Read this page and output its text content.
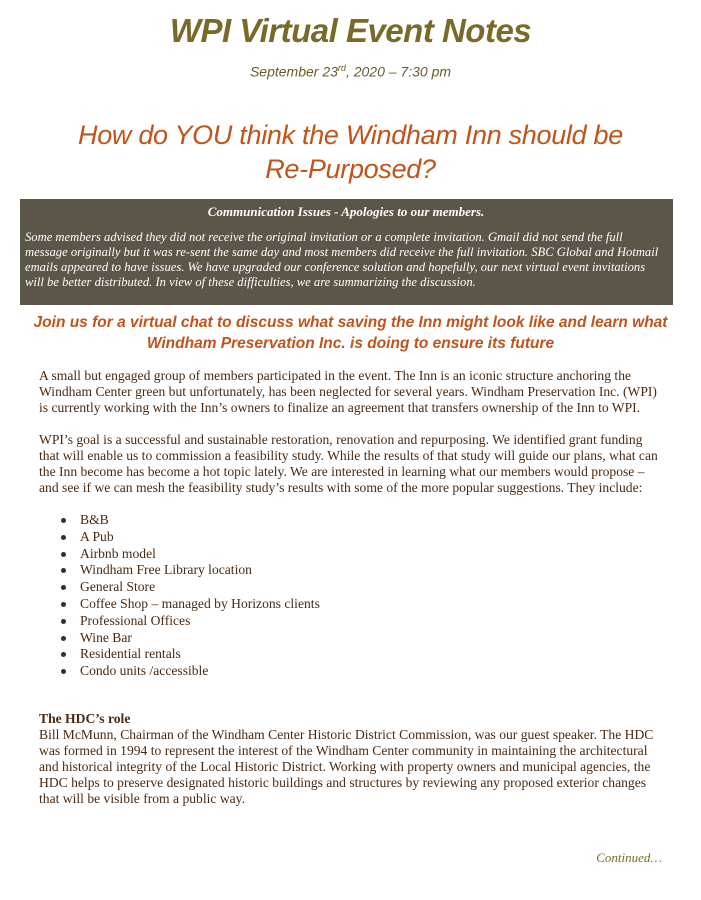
WPI Virtual Event Notes
September 23rd, 2020 – 7:30 pm
How do YOU think the Windham Inn should be Re-Purposed?
Communication Issues - Apologies to our members.
Some members advised they did not receive the original invitation or a complete invitation. Gmail did not send the full message originally but it was re-sent the same day and most members did receive the full invitation. SBC Global and Hotmail emails appeared to have issues. We have upgraded our conference solution and hopefully, our next virtual event invitations will be better distributed. In view of these difficulties, we are summarizing the discussion.
Join us for a virtual chat to discuss what saving the Inn might look like and learn what Windham Preservation Inc. is doing to ensure its future

A small but engaged group of members participated in the event. The Inn is an iconic structure anchoring the Windham Center green but unfortunately, has been neglected for several years. Windham Preservation Inc. (WPI) is currently working with the Inn’s owners to finalize an agreement that transfers ownership of the Inn to WPI.

WPI’s goal is a successful and sustainable restoration, renovation and repurposing. We identified grant funding that will enable us to commission a feasibility study. While the results of that study will guide our plans, what can the Inn become has become a hot topic lately. We are interested in learning what our members would propose – and see if we can mesh the feasibility study’s results with some of the more popular suggestions. They include:

B&B
A Pub
Airbnb model
Windham Free Library location
General Store
Coffee Shop – managed by Horizons clients
Professional Offices
Wine Bar
Residential rentals
Condo units /accessible

The HDC’s role

Bill McMunn, Chairman of the Windham Center Historic District Commission, was our guest speaker. The HDC was formed in 1994 to represent the interest of the Windham Center community in maintaining the architectural and historical integrity of the Local Historic District. Working with property owners and municipal agencies, the HDC helps to preserve designated historic buildings and structures by reviewing any proposed exterior changes that will be visible from a public way.

Continued…
